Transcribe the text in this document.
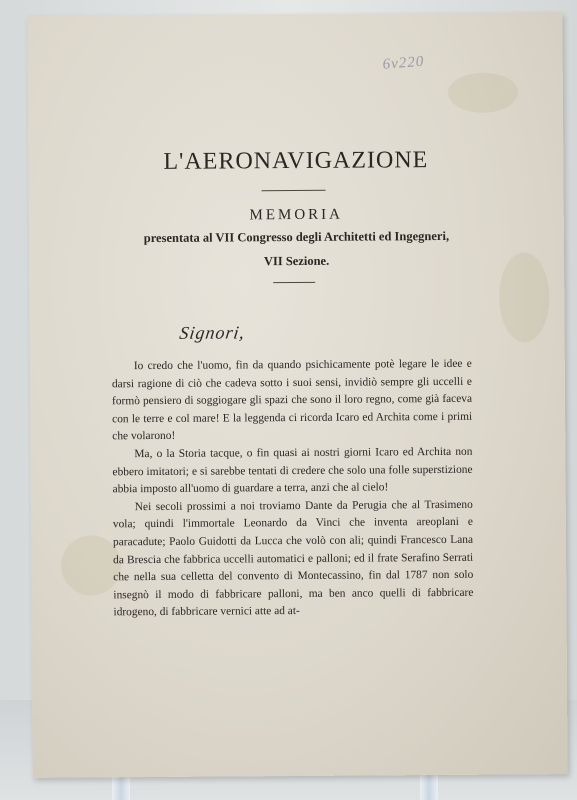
6v220
L'AERONAVIGAZIONE
MEMORIA
presentata al VII Congresso degli Architetti ed Ingegneri,
VII Sezione.
Signori,

Io credo che l'uomo, fin da quando psichicamente potè legare le idee e darsi ragione di ciò che cadeva sotto i suoi sensi, invidiò sempre gli uccelli e formò pensiero di soggiogare gli spazi che sono il loro regno, come già faceva con le terre e col mare! E la leggenda ci ricorda Icaro ed Archita come i primi che volarono!

Ma, o la Storia tacque, o fin quasi ai nostri giorni Icaro ed Archita non ebbero imitatori; e si sarebbe tentati di credere che solo una folle superstizione abbia imposto all'uomo di guardare a terra, anzi che al cielo!

Nei secoli prossimi a noi troviamo Dante da Perugia che al Trasimeno vola; quindi l'immortale Leonardo da Vinci che inventa areoplani e paracadute; Paolo Guidotti da Lucca che volò con ali; quindi Francesco Lana da Brescia che fabbrica uccelli automatici e palloni; ed il frate Serafino Serrati che nella sua celletta del convento di Montecassino, fin dal 1787 non solo insegnò il modo di fabbricare palloni, ma ben anco quelli di fabbricare idrogeno, di fabbricare vernici atte ad at-
